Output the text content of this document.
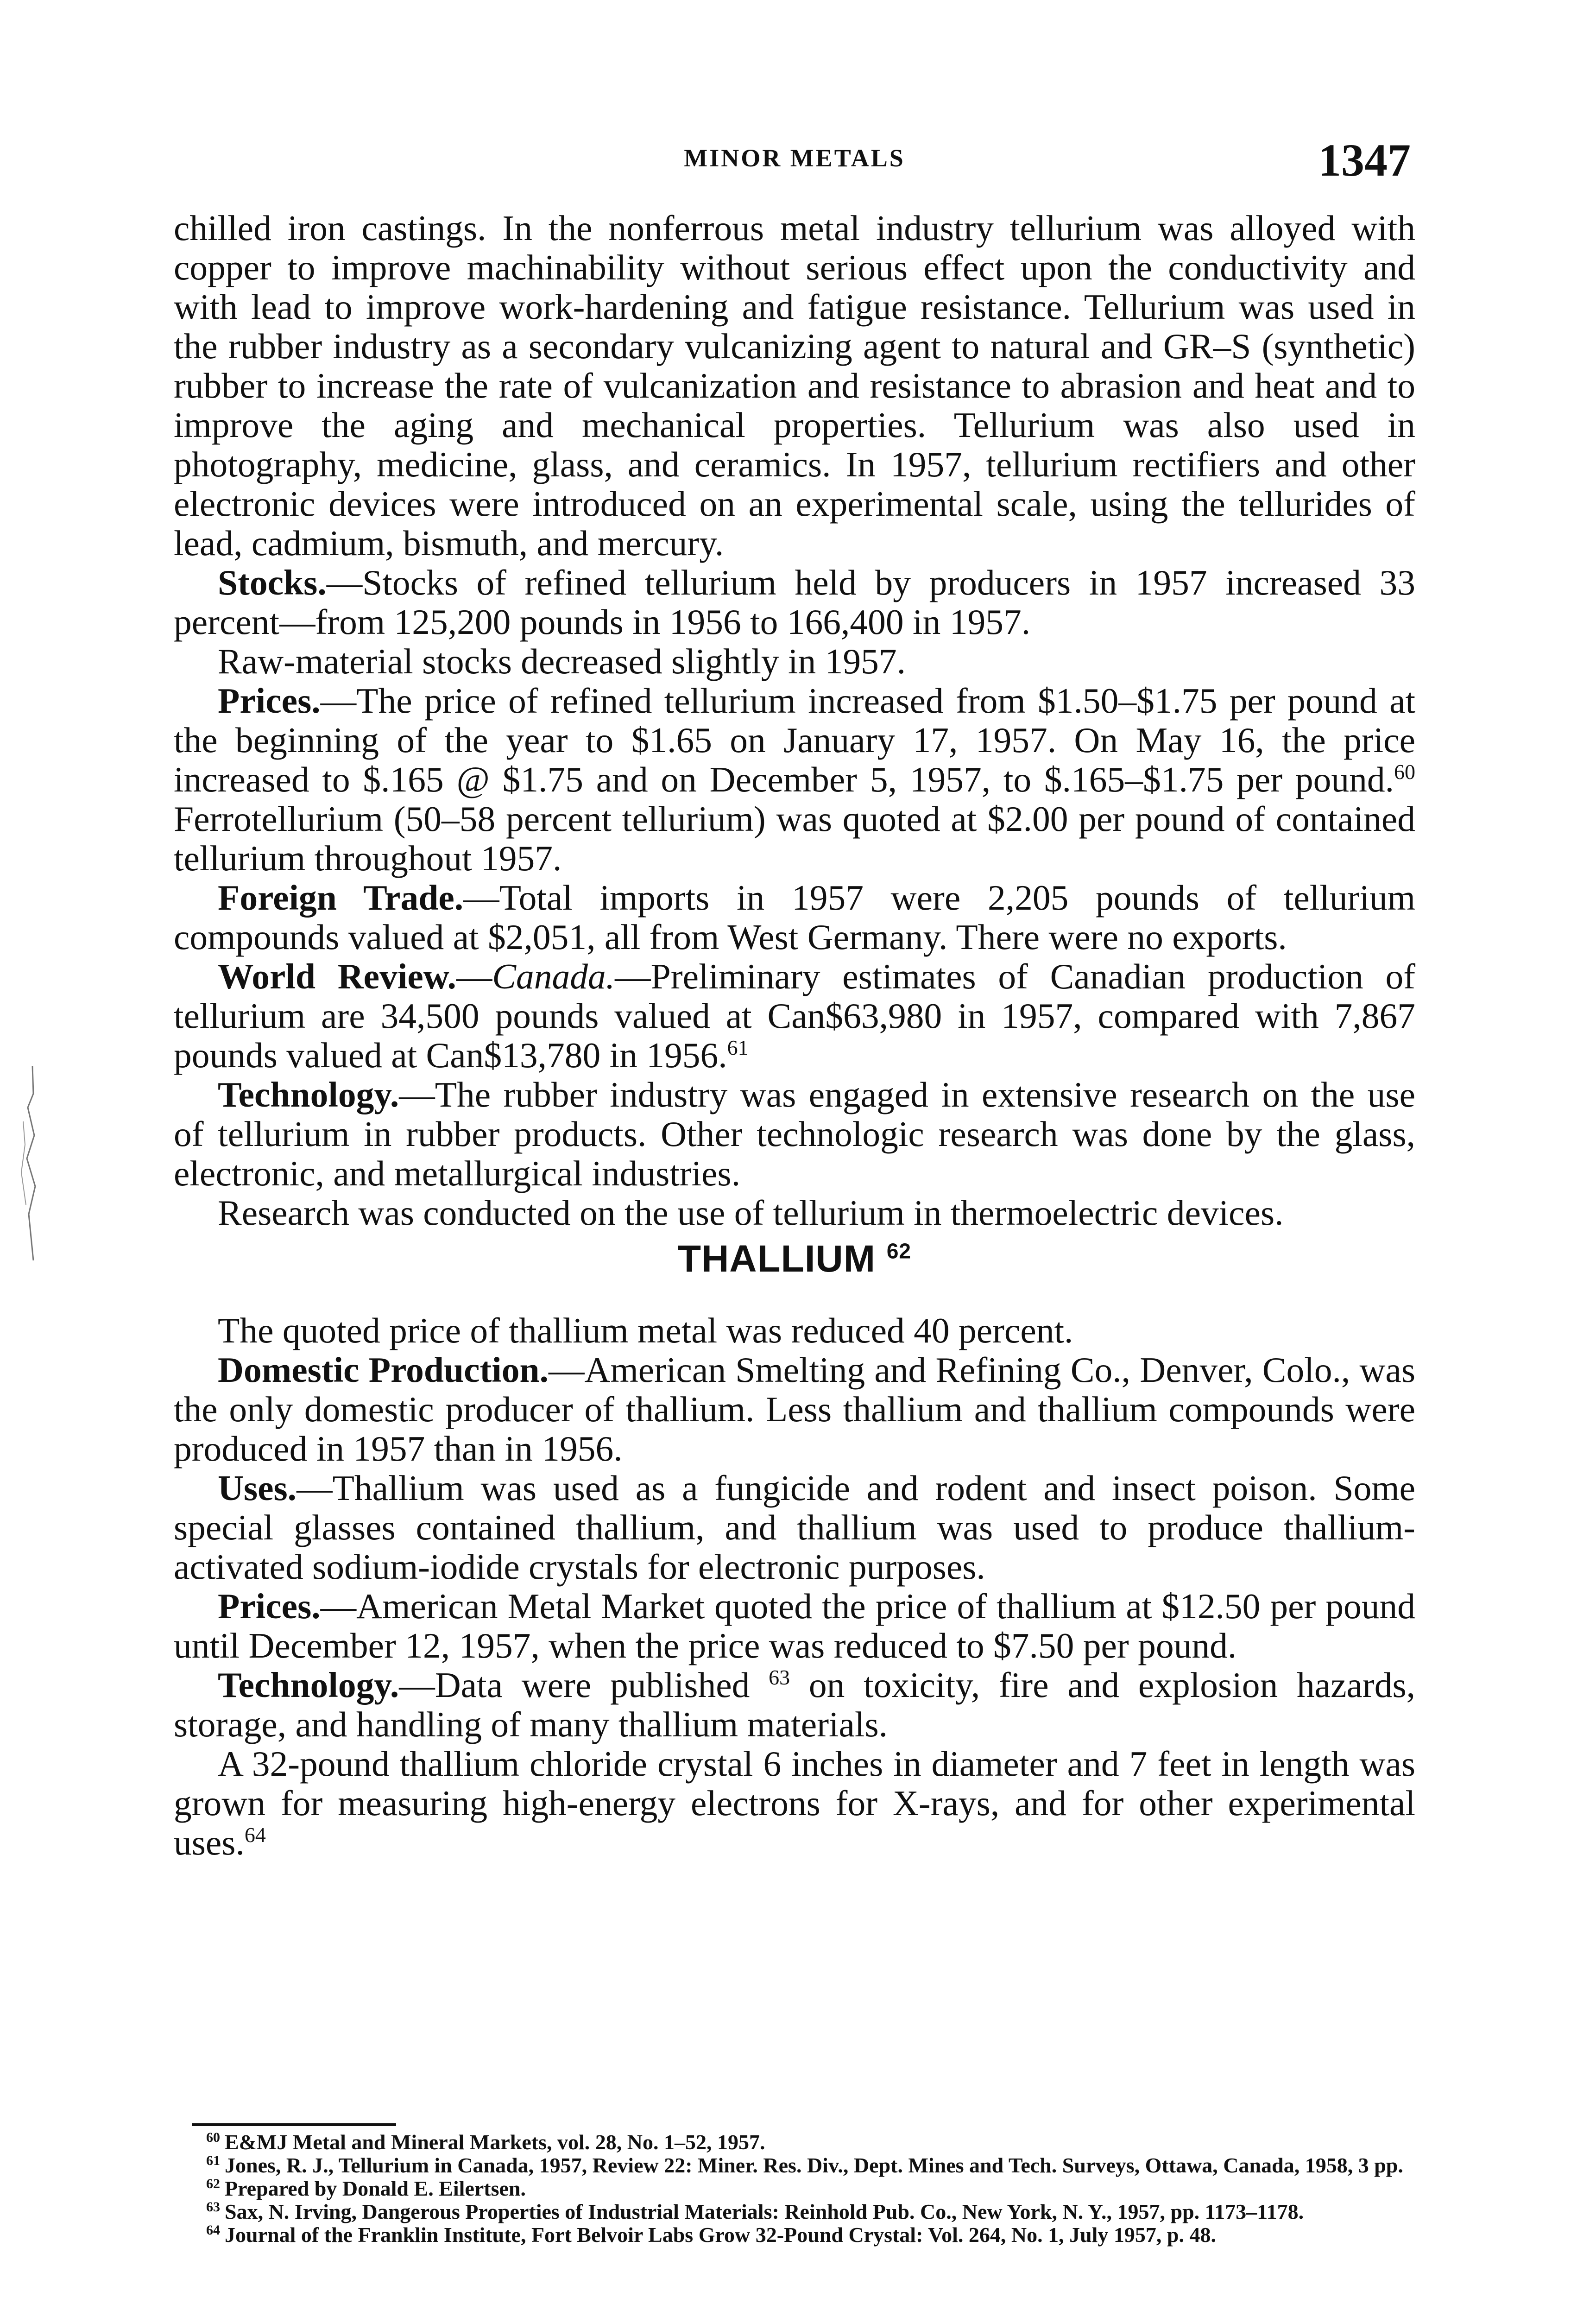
MINOR METALS	1347

chilled iron castings. In the nonferrous metal industry tellurium was alloyed with copper to improve machinability without serious effect upon the conductivity and with lead to improve work-hardening and fatigue resistance. Tellurium was used in the rubber industry as a secondary vulcanizing agent to natural and GR–S (synthetic) rubber to increase the rate of vulcanization and resistance to abrasion and heat and to improve the aging and mechanical properties. Tellurium was also used in photography, medicine, glass, and ceramics. In 1957, tellurium rectifiers and other electronic devices were introduced on an experimental scale, using the tellurides of lead, cadmium, bismuth, and mercury.

Stocks.—Stocks of refined tellurium held by producers in 1957 increased 33 percent—from 125,200 pounds in 1956 to 166,400 in 1957.

Raw-material stocks decreased slightly in 1957.

Prices.—The price of refined tellurium increased from $1.50–$1.75 per pound at the beginning of the year to $1.65 on January 17, 1957. On May 16, the price increased to $.165 @ $1.75 and on December 5, 1957, to $.165–$1.75 per pound.$^{60}$ Ferrotellurium (50–58 percent tellurium) was quoted at $2.00 per pound of contained tellurium throughout 1957.

Foreign Trade.—Total imports in 1957 were 2,205 pounds of tellurium compounds valued at $2,051, all from West Germany. There were no exports.

World Review.—Canada.—Preliminary estimates of Canadian production of tellurium are 34,500 pounds valued at Can$63,980 in 1957, compared with 7,867 pounds valued at Can$13,780 in 1956.61

Technology.—The rubber industry was engaged in extensive research on the use of tellurium in rubber products. Other technologic research was done by the glass, electronic, and metallurgical industries.

Research was conducted on the use of tellurium in thermoelectric devices.

THALLIUM $^{62}$

The quoted price of thallium metal was reduced 40 percent.

Domestic Production.—American Smelting and Refining Co., Denver, Colo., was the only domestic producer of thallium. Less thallium and thallium compounds were produced in 1957 than in 1956.

Uses.—Thallium was used as a fungicide and rodent and insect poison. Some special glasses contained thallium, and thallium was used to produce thallium-activated sodium-iodide crystals for electronic purposes.

Prices.—American Metal Market quoted the price of thallium at $12.50 per pound until December 12, 1957, when the price was reduced to $7.50 per pound.

Technology.—Data were published $^{63}$ on toxicity, fire and explosion hazards, storage, and handling of many thallium materials.

A 32-pound thallium chloride crystal 6 inches in diameter and 7 feet in length was grown for measuring high-energy electrons for X-rays, and for other experimental uses.$^{64}$

$^{60}$ E&MJ Metal and Mineral Markets, vol. 28, No. 1–52, 1957.

$^{61}$ Jones, R. J., Tellurium in Canada, 1957, Review 22: Miner. Res. Div., Dept. Mines and Tech. Surveys, Ottawa, Canada, 1958, 3 pp.

$^{62}$ Prepared by Donald E. Eilertsen.

$^{63}$ Sax, N. Irving, Dangerous Properties of Industrial Materials: Reinhold Pub. Co., New York, N. Y., 1957, pp. 1173–1178.

$^{64}$ Journal of the Franklin Institute, Fort Belvoir Labs Grow 32-Pound Crystal: Vol. 264, No. 1, July 1957, p. 48.
